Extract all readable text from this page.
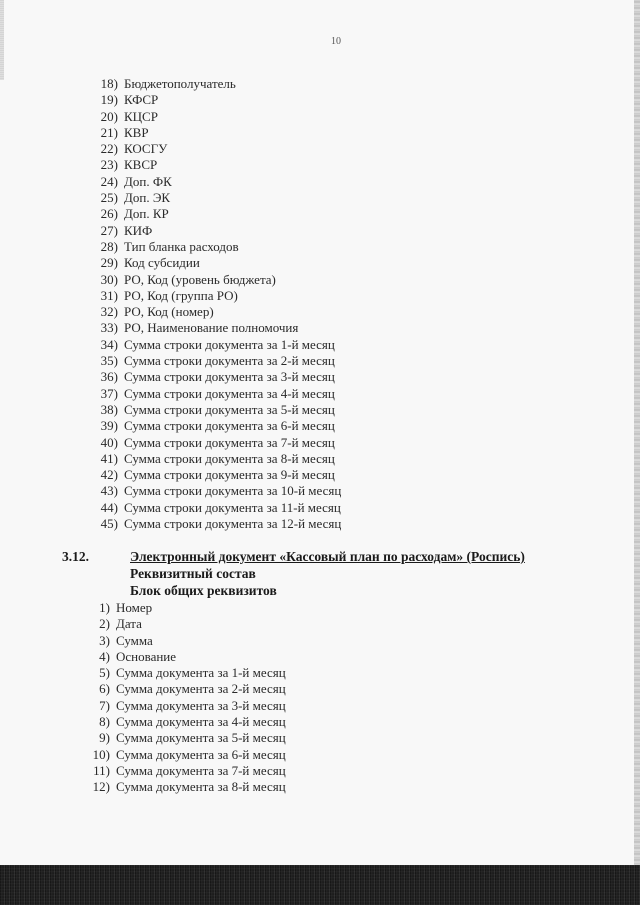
10
18) Бюджетополучатель
19) КФСР
20) КЦСР
21) КВР
22) КОСГУ
23) КВСР
24) Доп. ФК
25) Доп. ЭК
26) Доп. КР
27) КИФ
28) Тип бланка расходов
29) Код субсидии
30) РО, Код (уровень бюджета)
31) РО, Код (группа РО)
32) РО, Код (номер)
33) РО, Наименование полномочия
34) Сумма строки документа за 1-й месяц
35) Сумма строки документа за 2-й месяц
36) Сумма строки документа за 3-й месяц
37) Сумма строки документа за 4-й месяц
38) Сумма строки документа за 5-й месяц
39) Сумма строки документа за 6-й месяц
40) Сумма строки документа за 7-й месяц
41) Сумма строки документа за 8-й месяц
42) Сумма строки документа за 9-й месяц
43) Сумма строки документа за 10-й месяц
44) Сумма строки документа за 11-й месяц
45) Сумма строки документа за 12-й месяц
3.12.	Электронный документ «Кассовый план по расходам» (Роспись)
Реквизитный состав
Блок общих реквизитов
1) Номер
2) Дата
3) Сумма
4) Основание
5) Сумма документа за 1-й месяц
6) Сумма документа за 2-й месяц
7) Сумма документа за 3-й месяц
8) Сумма документа за 4-й месяц
9) Сумма документа за 5-й месяц
10) Сумма документа за 6-й месяц
11) Сумма документа за 7-й месяц
12) Сумма документа за 8-й месяц
